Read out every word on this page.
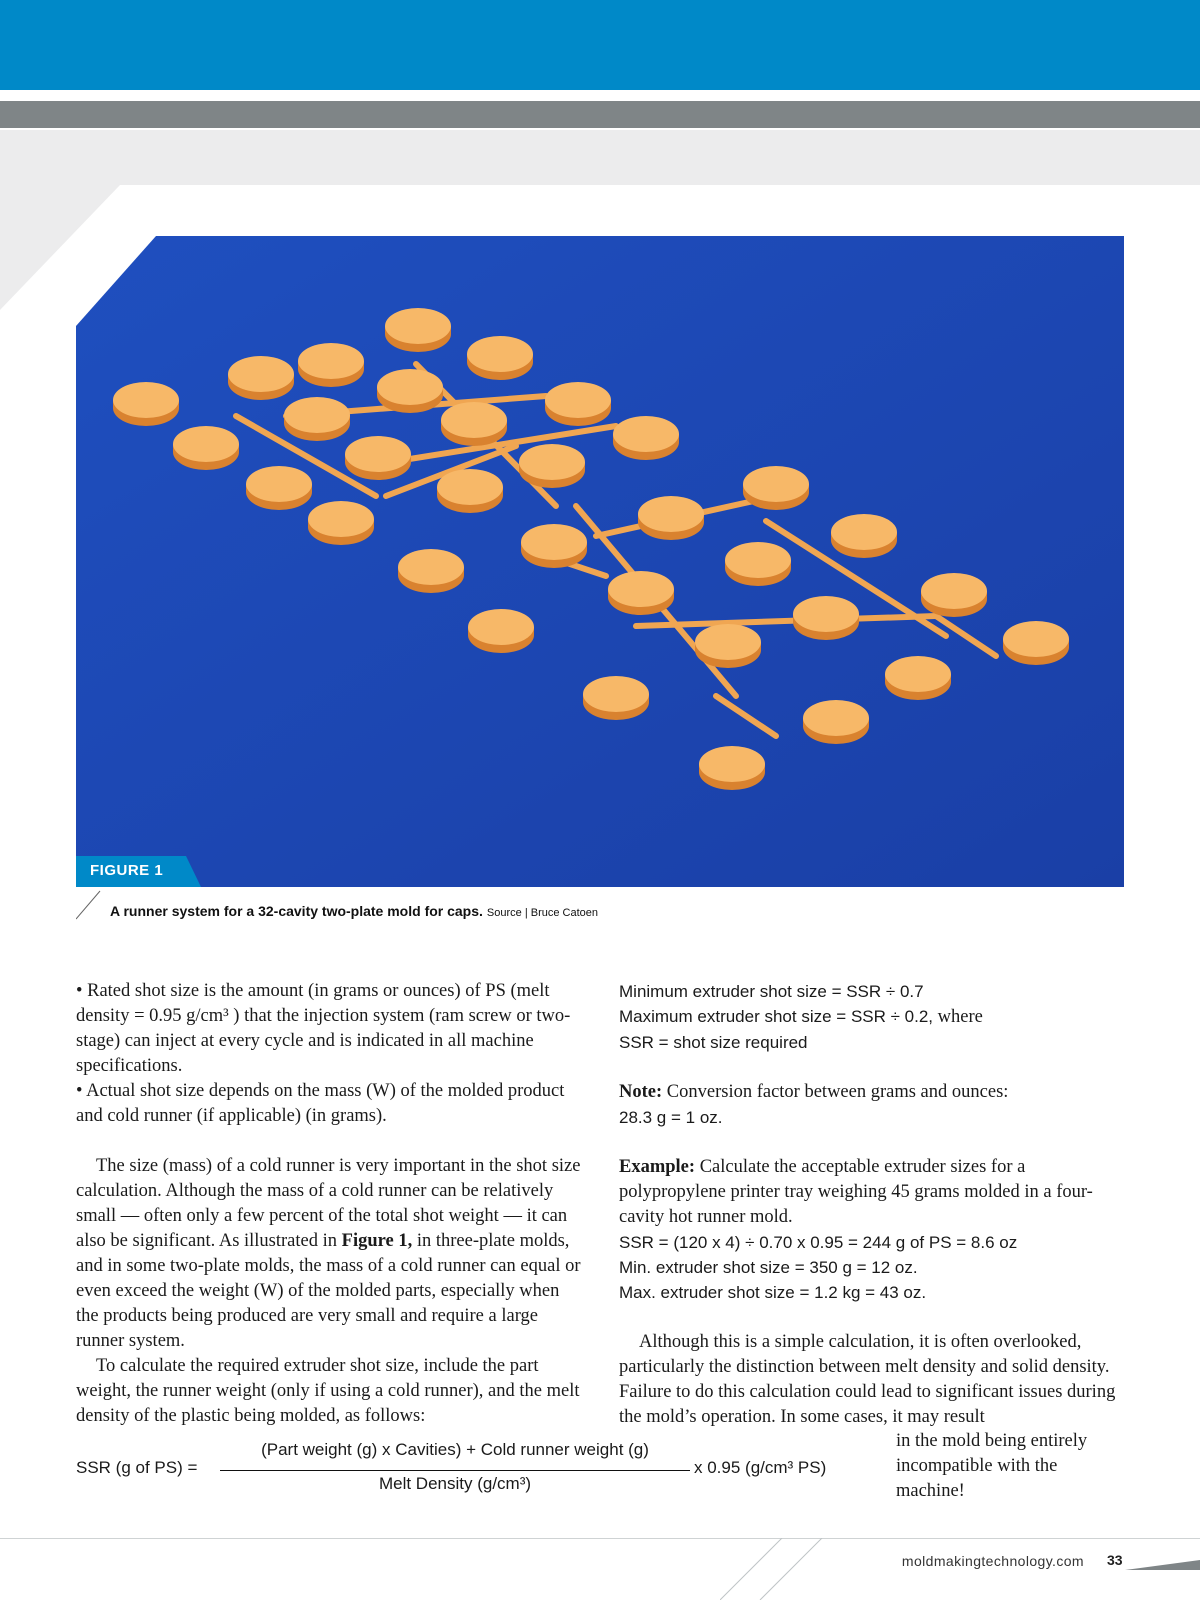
FIGURE 1
A runner system for a 32-cavity two-plate mold for caps. Source | Bruce Catoen

• Rated shot size is the amount (in grams or ounces) of PS (melt density = 0.95 g/cm³ ) that the injection system (ram screw or two-stage) can inject at every cycle and is indicated in all machine specifications.

• Actual shot size depends on the mass (W) of the molded product and cold runner (if applicable) (in grams).

The size (mass) of a cold runner is very important in the shot size calculation. Although the mass of a cold runner can be relatively small — often only a few percent of the total shot weight — it can also be significant. As illustrated in Figure 1, in three-plate molds, and in some two-plate molds, the mass of a cold runner can equal or even exceed the weight (W) of the molded parts, especially when the products being produced are very small and require a large runner system.

To calculate the required extruder shot size, include the part weight, the runner weight (only if using a cold runner), and the melt density of the plastic being molded, as follows:

Minimum extruder shot size = SSR ÷ 0.7

Maximum extruder shot size = SSR ÷ 0.2, where

SSR = shot size required

Note: Conversion factor between grams and ounces:

28.3 g = 1 oz.

Example: Calculate the acceptable extruder sizes for a polypropylene printer tray weighing 45 grams molded in a four-cavity hot runner mold.

SSR = (120 x 4) ÷ 0.70 x 0.95 = 244 g of PS = 8.6 oz

Min. extruder shot size = 350 g = 12 oz.

Max. extruder shot size = 1.2 kg = 43 oz.

Although this is a simple calculation, it is often overlooked, particularly the distinction between melt density and solid density. Failure to do this calculation could lead to significant issues during the mold’s operation. In some cases, it may result

in the mold being entirely incompatible with the machine!
SSR (g of PS) =
(Part weight (g) x Cavities) + Cold runner weight (g)
Melt Density (g/cm³)
x 0.95 (g/cm³ PS)
moldmakingtechnology.com 33
